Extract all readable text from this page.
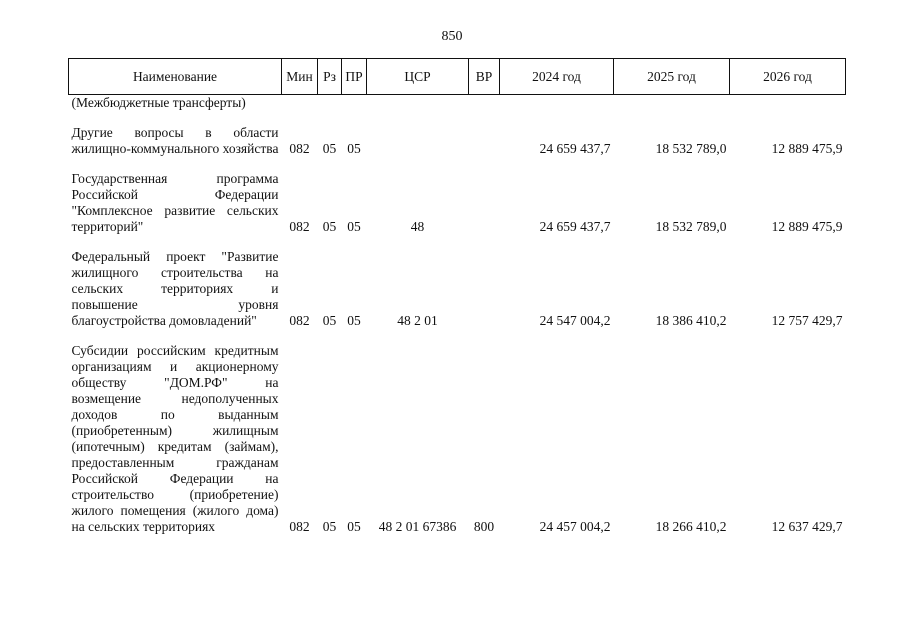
850
Наименование	Мин	Рз	ПР	ЦСР	ВР	2024 год	2025 год	2026 год
(Межбюджетные трансферты)								

Другие вопросы в области жилищно-коммунального хозяйства	082	05	05			24 659 437,7	18 532 789,0	12 889 475,9

Государственная программа Российской Федерации "Комплексное развитие сельских территорий"	082	05	05	48		24 659 437,7	18 532 789,0	12 889 475,9

Федеральный проект "Развитие жилищного строительства на сельских территориях и повышение уровня благоустройства домовладений"	082	05	05	48 2 01		24 547 004,2	18 386 410,2	12 757 429,7

Субсидии российским кредитным организациям и акционерному обществу "ДОМ.РФ" на возмещение недополученных доходов по выданным (приобретенным) жилищным (ипотечным) кредитам (займам), предоставленным гражданам Российской Федерации на строительство (приобретение) жилого помещения (жилого дома) на сельских территориях	082	05	05	48 2 01 67386	800	24 457 004,2	18 266 410,2	12 637 429,7
